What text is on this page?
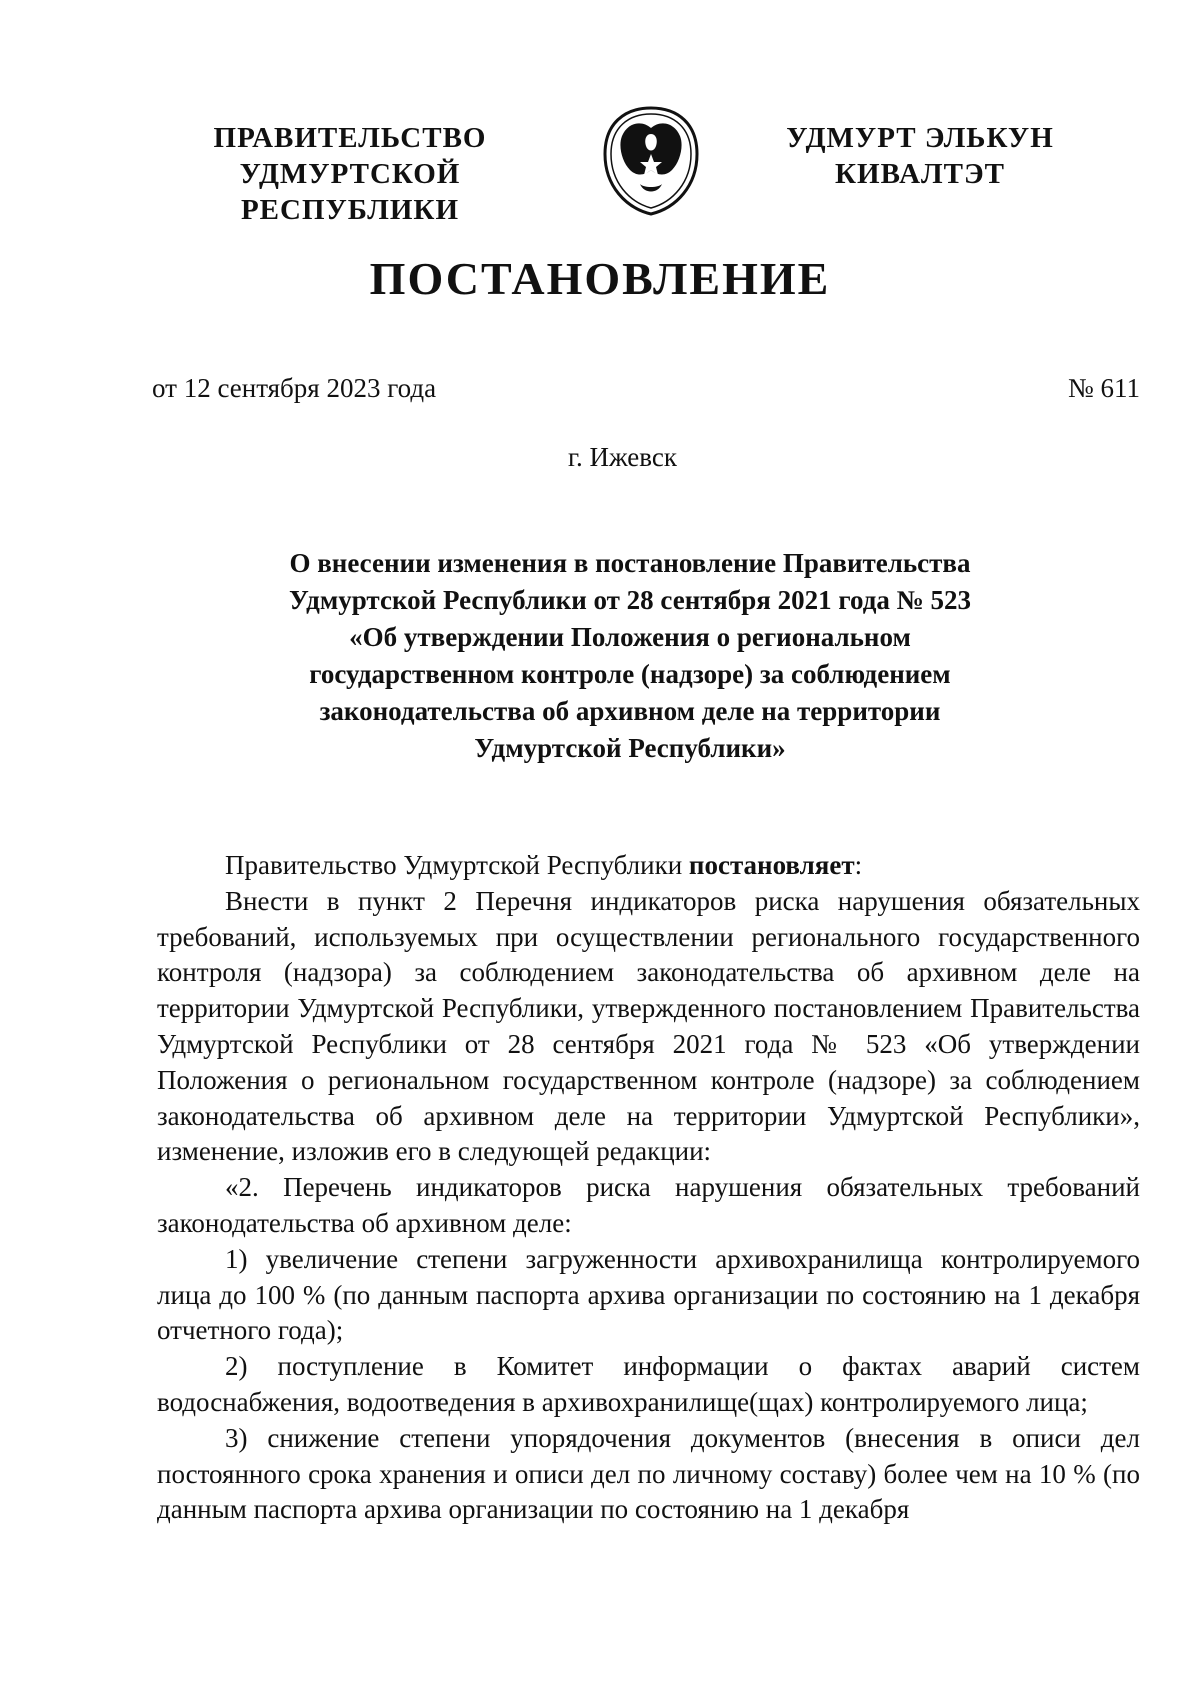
ПРАВИТЕЛЬСТВО
УДМУРТСКОЙ РЕСПУБЛИКИ
УДМУРТ ЭЛЬКУН
КИВАЛТЭТ
ПОСТАНОВЛЕНИЕ
от 12 сентября 2023 года	№ 611
г. Ижевск
О внесении изменения в постановление Правительства
Удмуртской Республики от 28 сентября 2021 года № 523
«Об утверждении Положения о региональном
государственном контроле (надзоре) за соблюдением
законодательства об архивном деле на территории
Удмуртской Республики»

Правительство Удмуртской Республики постановляет:

Внести в пункт 2 Перечня индикаторов риска нарушения обязательных требований, используемых при осуществлении регионального государственного контроля (надзора) за соблюдением законодательства об архивном деле на территории Удмуртской Республики, утвержденного постановлением Правительства Удмуртской Республики от 28 сентября 2021 года № 523 «Об утверждении Положения о региональном государственном контроле (надзоре) за соблюдением законодательства об архивном деле на территории Удмуртской Республики», изменение, изложив его в следующей редакции:

«2. Перечень индикаторов риска нарушения обязательных требований законодательства об архивном деле:

1) увеличение степени загруженности архивохранилища контролируемого лица до 100 % (по данным паспорта архива организации по состоянию на 1 декабря отчетного года);

2) поступление в Комитет информации о фактах аварий систем водоснабжения, водоотведения в архивохранилище(щах) контролируемого лица;

3) снижение степени упорядочения документов (внесения в описи дел постоянного срока хранения и описи дел по личному составу) более чем на 10 % (по данным паспорта архива организации по состоянию на 1 декабря
